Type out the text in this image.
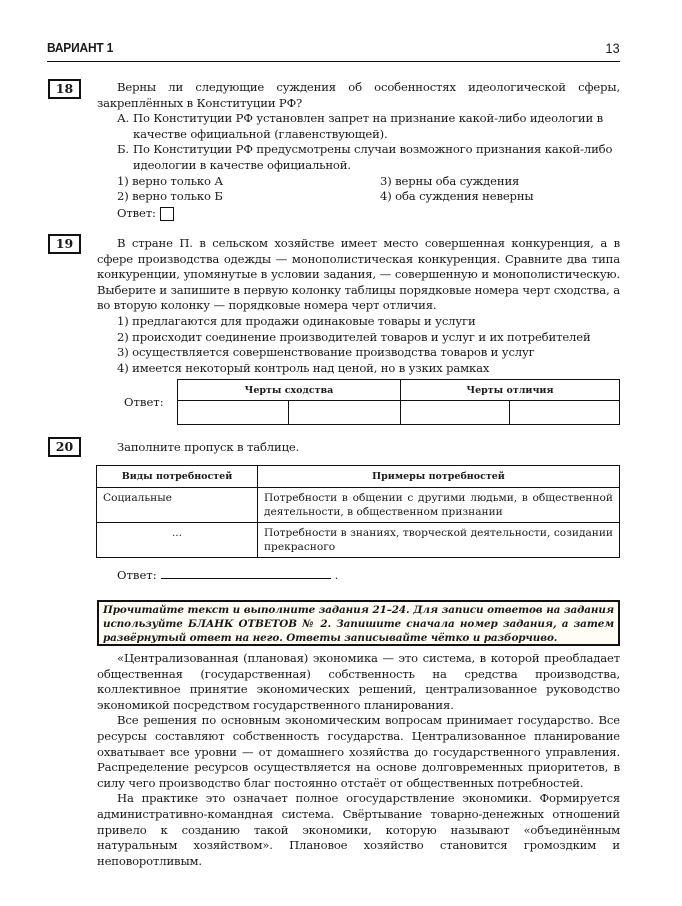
ВАРИАНТ 1	13
18	Верны ли следующие суждения об особенностях идеологической сферы, закреплённых в Конституции РФ?

А. По Конституции РФ установлен запрет на признание какой-либо идеологии в качестве официальной (главенствующей).
Б. По Конституции РФ предусмотрены случаи возможного признания какой-либо идеологии в качестве официальной.
1) верно только А	3) верны оба суждения
2) верно только Б	4) оба суждения неверны
Ответ:
19	В стране П. в сельском хозяйстве имеет место совершенная конкуренция, а в сфере производства одежды — монополистическая конкуренция. Сравните два типа конкуренции, упомянутые в условии задания, — совершенную и монополистическую. Выберите и запишите в первую колонку таблицы порядковые номера черт сходства, а во вторую колонку — порядковые номера черт отличия.

1) предлагаются для продажи одинаковые товары и услуги
2) происходит соединение производителей товаров и услуг и их потребителей
3) осуществляется совершенствование производства товаров и услуг
4) имеется некоторый контроль над ценой, но в узких рамках
Ответ:
Черты сходства		Черты отличия	

20	Заполните пропуск в таблице.
Виды потребностей	Примеры потребностей
Социальные	Потребности в общении с другими людьми, в общественной деятельности, в общественном признании
...	Потребности в знаниях, творческой деятельности, созидании прекрасного
Ответ:	.
Прочитайте текст и выполните задания 21–24. Для записи ответов на задания используйте БЛАНК ОТВЕТОВ № 2. Запишите сначала номер задания, а затем развёрнутый ответ на него. Ответы записывайте чётко и разборчиво.

«Централизованная (плановая) экономика — это система, в которой преобладает общественная (государственная) собственность на средства производства, коллективное принятие экономических решений, централизованное руководство экономикой посредством государственного планирования.

Все решения по основным экономическим вопросам принимает государство. Все ресурсы составляют собственность государства. Централизованное планирование охватывает все уровни — от домашнего хозяйства до государственного управления. Распределение ресурсов осуществляется на основе долговременных приоритетов, в силу чего производство благ постоянно отстаёт от общественных потребностей.

На практике это означает полное огосударствление экономики. Формируется административно-командная система. Свёртывание товарно-денежных отношений привело к созданию такой экономики, которую называют «объединённым натуральным хозяйством». Плановое хозяйство становится громоздким и неповоротливым.
